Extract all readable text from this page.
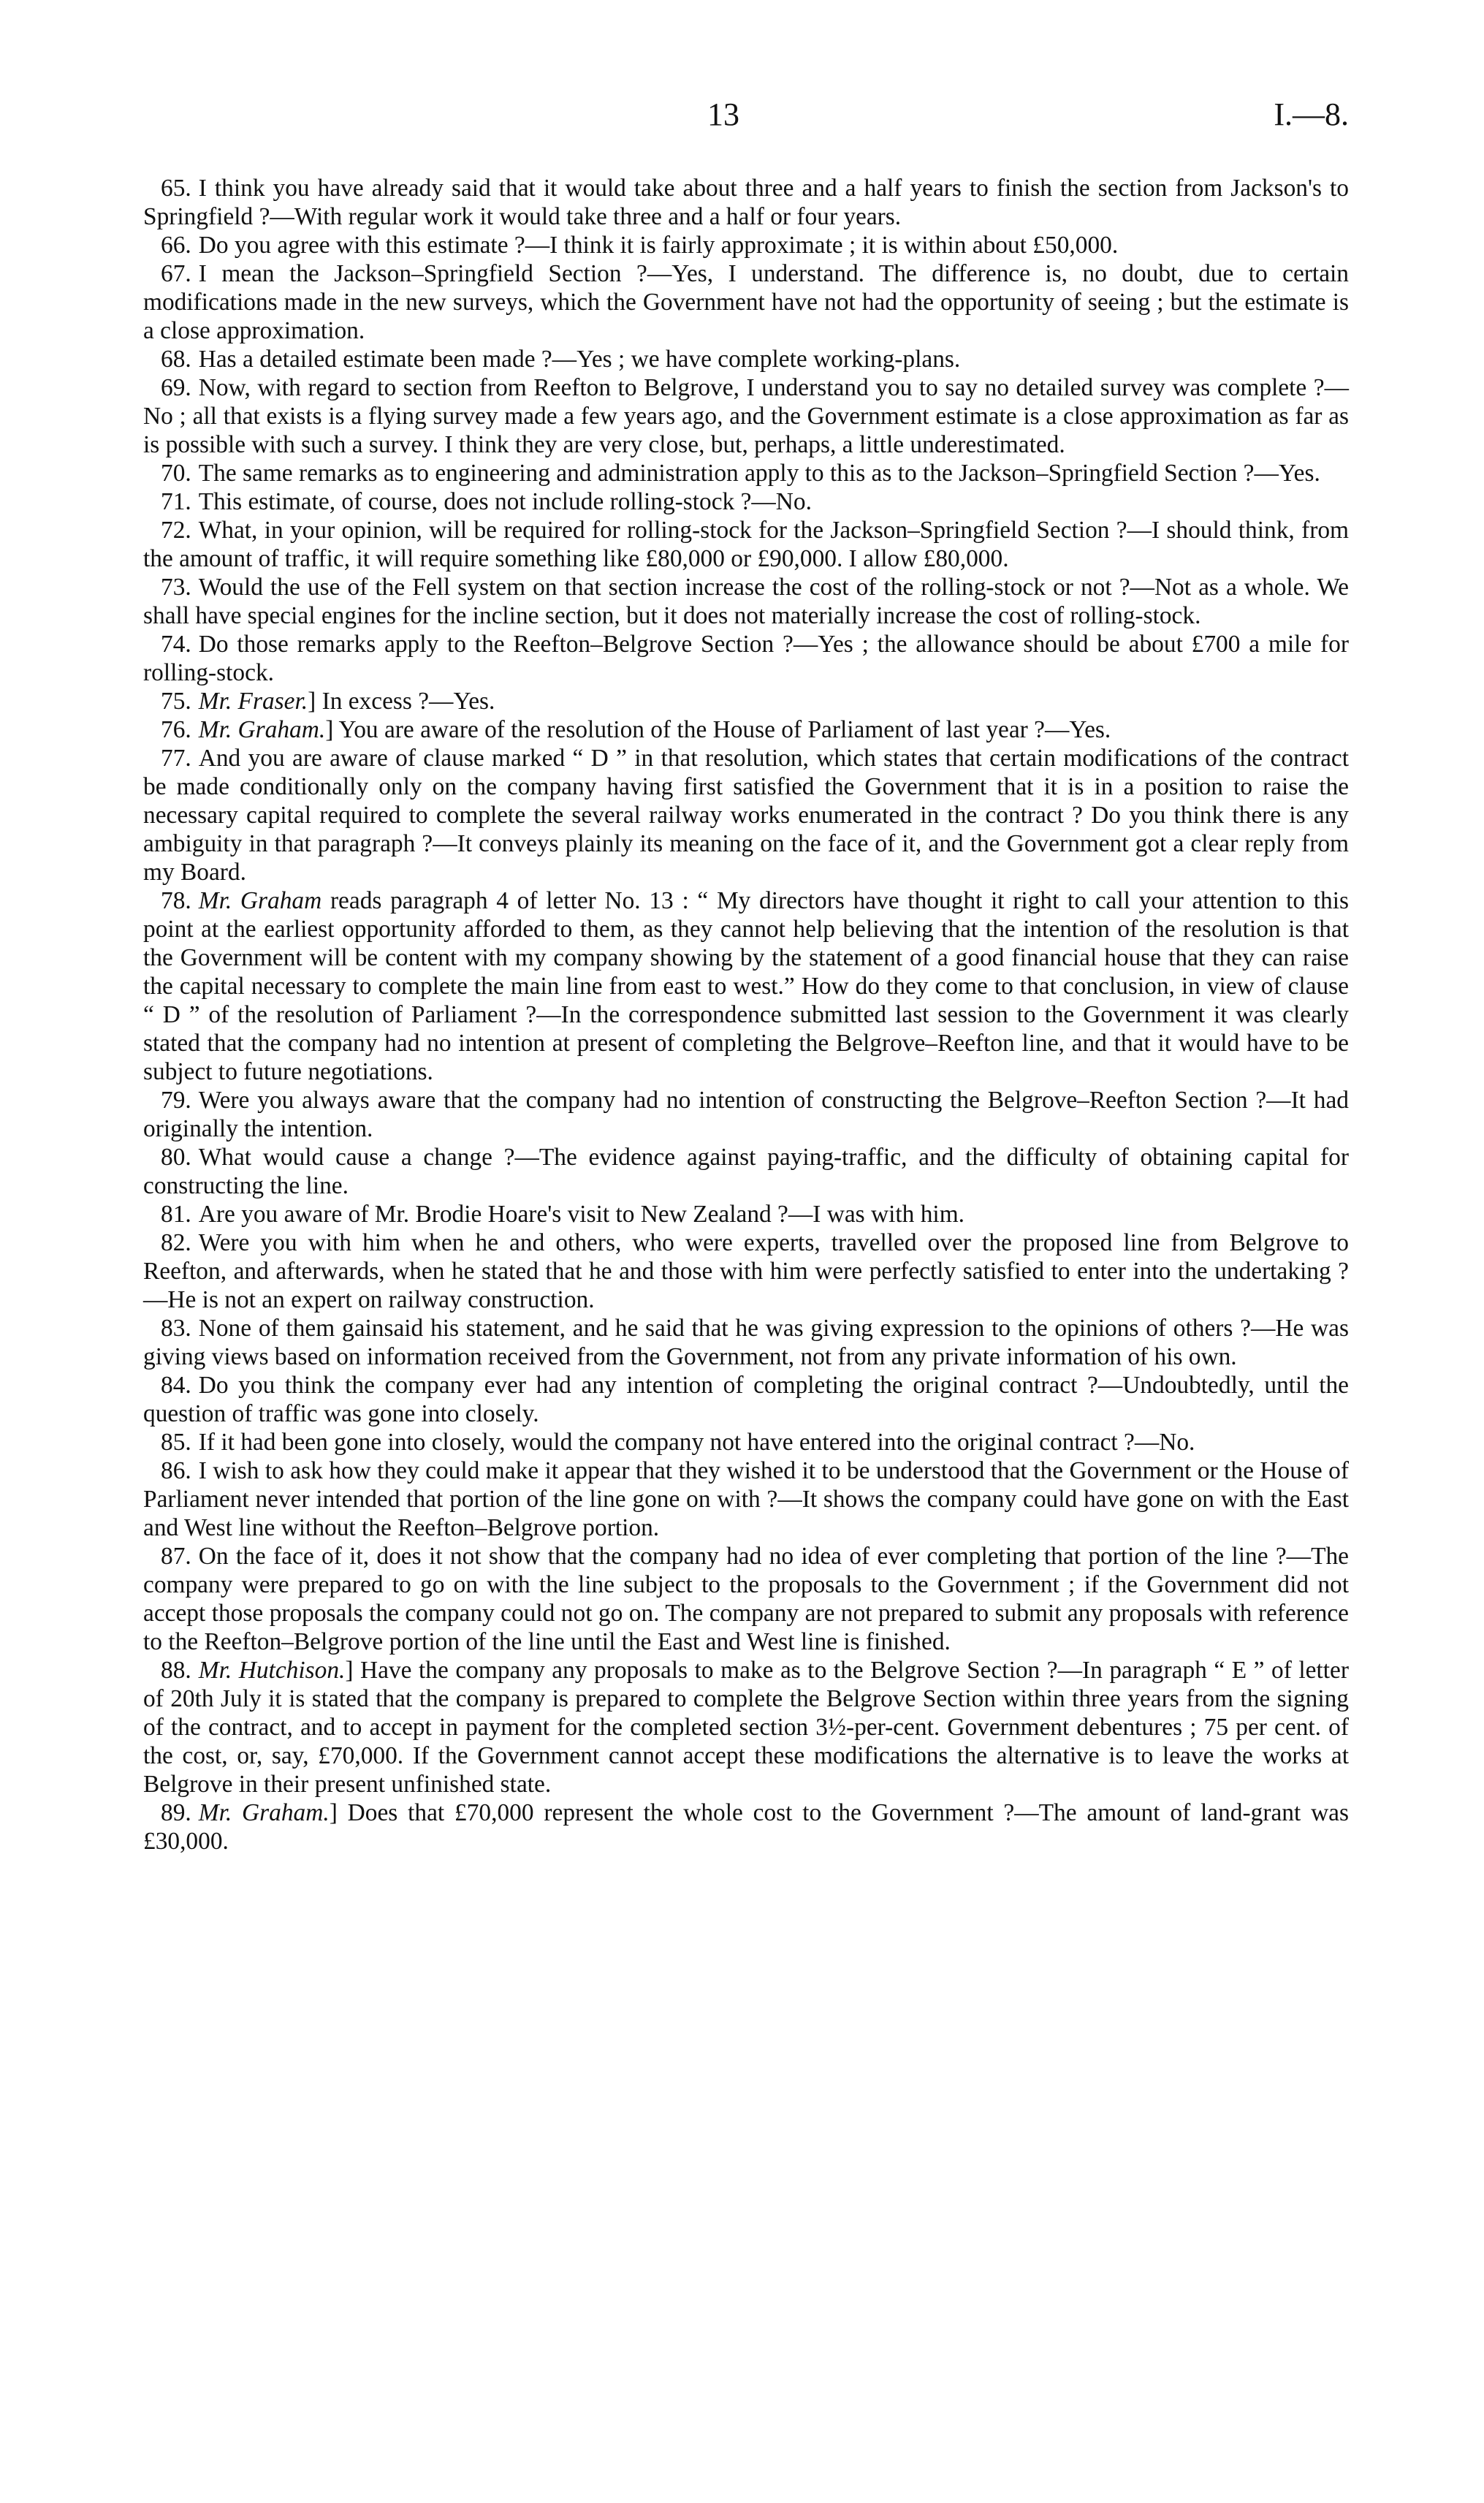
13	I.—8.

65. I think you have already said that it would take about three and a half years to finish the section from Jackson's to Springfield ?—With regular work it would take three and a half or four years.

66. Do you agree with this estimate ?—I think it is fairly approximate ; it is within about £50,000.

67. I mean the Jackson–Springfield Section ?—Yes, I understand. The difference is, no doubt, due to certain modifications made in the new surveys, which the Government have not had the opportunity of seeing ; but the estimate is a close approximation.

68. Has a detailed estimate been made ?—Yes ; we have complete working-plans.

69. Now, with regard to section from Reefton to Belgrove, I understand you to say no detailed survey was complete ?—No ; all that exists is a flying survey made a few years ago, and the Government estimate is a close approximation as far as is possible with such a survey. I think they are very close, but, perhaps, a little underestimated.

70. The same remarks as to engineering and administration apply to this as to the Jackson–Springfield Section ?—Yes.

71. This estimate, of course, does not include rolling-stock ?—No.

72. What, in your opinion, will be required for rolling-stock for the Jackson–Springfield Section ?—I should think, from the amount of traffic, it will require something like £80,000 or £90,000. I allow £80,000.

73. Would the use of the Fell system on that section increase the cost of the rolling-stock or not ?—Not as a whole. We shall have special engines for the incline section, but it does not materially increase the cost of rolling-stock.

74. Do those remarks apply to the Reefton–Belgrove Section ?—Yes ; the allowance should be about £700 a mile for rolling-stock.

75. Mr. Fraser.] In excess ?—Yes.

76. Mr. Graham.] You are aware of the resolution of the House of Parliament of last year ?—Yes.

77. And you are aware of clause marked “ D ” in that resolution, which states that certain modifications of the contract be made conditionally only on the company having first satisfied the Government that it is in a position to raise the necessary capital required to complete the several railway works enumerated in the contract ? Do you think there is any ambiguity in that paragraph ?—It conveys plainly its meaning on the face of it, and the Government got a clear reply from my Board.

78. Mr. Graham reads paragraph 4 of letter No. 13 : “ My directors have thought it right to call your attention to this point at the earliest opportunity afforded to them, as they cannot help believing that the intention of the resolution is that the Government will be content with my company showing by the statement of a good financial house that they can raise the capital necessary to complete the main line from east to west.” How do they come to that conclusion, in view of clause “ D ” of the resolution of Parliament ?—In the correspondence submitted last session to the Government it was clearly stated that the company had no intention at present of completing the Belgrove–Reefton line, and that it would have to be subject to future negotiations.

79. Were you always aware that the company had no intention of constructing the Belgrove–Reefton Section ?—It had originally the intention.

80. What would cause a change ?—The evidence against paying-traffic, and the difficulty of obtaining capital for constructing the line.

81. Are you aware of Mr. Brodie Hoare's visit to New Zealand ?—I was with him.

82. Were you with him when he and others, who were experts, travelled over the proposed line from Belgrove to Reefton, and afterwards, when he stated that he and those with him were perfectly satisfied to enter into the undertaking ?—He is not an expert on railway construction.

83. None of them gainsaid his statement, and he said that he was giving expression to the opinions of others ?—He was giving views based on information received from the Government, not from any private information of his own.

84. Do you think the company ever had any intention of completing the original contract ?—Undoubtedly, until the question of traffic was gone into closely.

85. If it had been gone into closely, would the company not have entered into the original contract ?—No.

86. I wish to ask how they could make it appear that they wished it to be understood that the Government or the House of Parliament never intended that portion of the line gone on with ?—It shows the company could have gone on with the East and West line without the Reefton–Belgrove portion.

87. On the face of it, does it not show that the company had no idea of ever completing that portion of the line ?—The company were prepared to go on with the line subject to the proposals to the Government ; if the Government did not accept those proposals the company could not go on. The company are not prepared to submit any proposals with reference to the Reefton–Belgrove portion of the line until the East and West line is finished.

88. Mr. Hutchison.] Have the company any proposals to make as to the Belgrove Section ?—In paragraph “ E ” of letter of 20th July it is stated that the company is prepared to complete the Belgrove Section within three years from the signing of the contract, and to accept in payment for the completed section 3½-per-cent. Government debentures ; 75 per cent. of the cost, or, say, £70,000. If the Government cannot accept these modifications the alternative is to leave the works at Belgrove in their present unfinished state.

89. Mr. Graham.] Does that £70,000 represent the whole cost to the Government ?—The amount of land-grant was £30,000.
